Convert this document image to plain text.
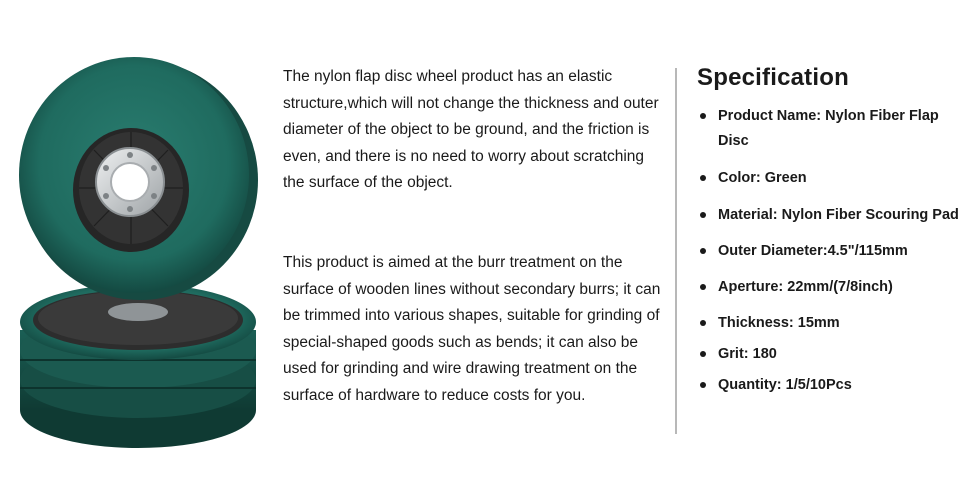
The nylon flap disc wheel product has an elastic structure,which will not change the thickness and outer diameter of the object to be ground, and the friction is even, and there is no need to worry about scratching the surface of the object.
This product is aimed at the burr treatment on the surface of wooden lines without secondary burrs; it can be trimmed into various shapes, suitable for grinding of special-shaped goods such as bends; it can also be used for grinding and wire drawing treatment on the surface of hardware to reduce costs for you.
Specification
Product Name: Nylon Fiber Flap Disc
Color: Green
Material: Nylon Fiber Scouring Pad
Outer Diameter:4.5"/115mm
Aperture: 22mm/(7/8inch)
Thickness: 15mm
Grit: 180
Quantity: 1/5/10Pcs
